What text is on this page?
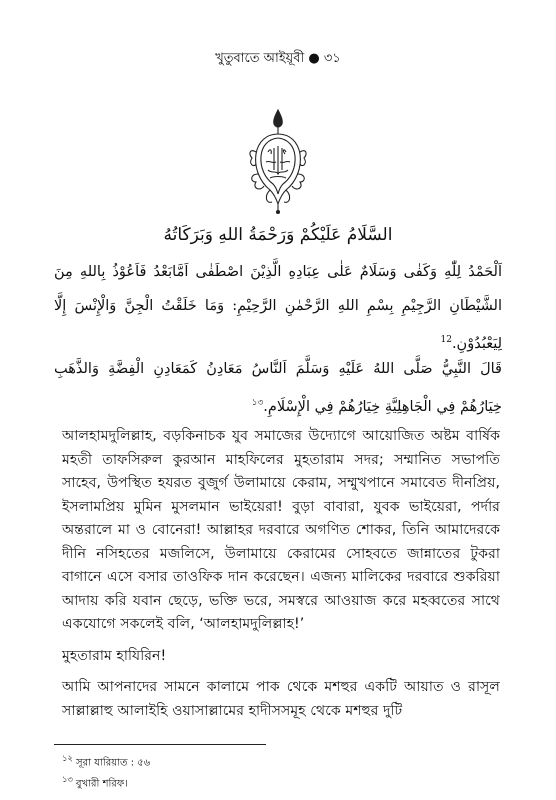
খুতুবাতে আইয়ূবী ● ৩১
السَّلَامُ عَلَيْكُمْ وَرَحْمَةُ اللهِ وَبَرَكَاتُهُ
اَلْحَمْدُ لِلّٰهِ وَكَفٰى وَسَلَامٌ عَلٰى عِبَادِهِ الَّذِيْنَ اصْطَفٰى اَمَّابَعْدُ فَاَعُوْذُ بِاللهِ مِنَ الشَّيْطَانِ الرَّجِيْمِ بِسْمِ اللهِ الرَّحْمٰنِ الرَّحِيْمِ: وَمَا خَلَقْتُ الْجِنَّ وَالْإِنْسَ إِلَّا لِيَعْبُدُوْنِ.$^{12}$
قَالَ النَّبِيُّ صَلَّى اللهُ عَلَيْهِ وَسَلَّمَ اَلنَّاسُ مَعَادِنُ كَمَعَادِنِ الْفِضَّةِ وَالذَّهَبِ خِيَارُهُمْ فِي الْجَاهِلِيَّةِ خِيَارُهُمْ فِي الْإِسْلَامِ.$^{১৩}$

আলহামদুলিল্লাহ, বড়কিনাচক যুব সমাজের উদ্যোগে আয়োজিত অষ্টম বার্ষিক মহতী তাফসিরুল কুরআন মাহফিলের মুহতারাম সদর; সম্মানিত সভাপতি সাহেব, উপস্থিত হযরত বুজুর্গ উলামায়ে কেরাম, সম্মুখপানে সমাবেত দীনপ্রিয়, ইসলামপ্রিয় মুমিন মুসলমান ভাইয়েরা! বুড়া বাবারা, যুবক ভাইয়েরা, পর্দার অন্তরালে মা ও বোনেরা! আল্লাহর দরবারে অগণিত শোকর, তিনি আমাদেরকে দীনি নসিহতের মজলিসে, উলামায়ে কেরামের সোহবতে জান্নাতের টুকরা বাগানে এসে বসার তাওফিক দান করেছেন। এজন্য মালিকের দরবারে শুকরিয়া আদায় করি যবান ছেড়ে, ভক্তি ভরে, সমস্বরে আওয়াজ করে মহব্বতের সাথে একযোগে সকলেই বলি, ‘আলহামদুলিল্লাহ!’

মুহতারাম হাযিরিন!

আমি আপনাদের সামনে কালামে পাক থেকে মশহুর একটি আয়াত ও রাসূল সাল্লাল্লাহু আলাইহি ওয়াসাল্লামের হাদীসসমূহ থেকে মশহুর দুটি

$^{১২}$ সূরা যারিয়াত : ৫৬
$^{১৩}$ বুখারী শরিফ।
